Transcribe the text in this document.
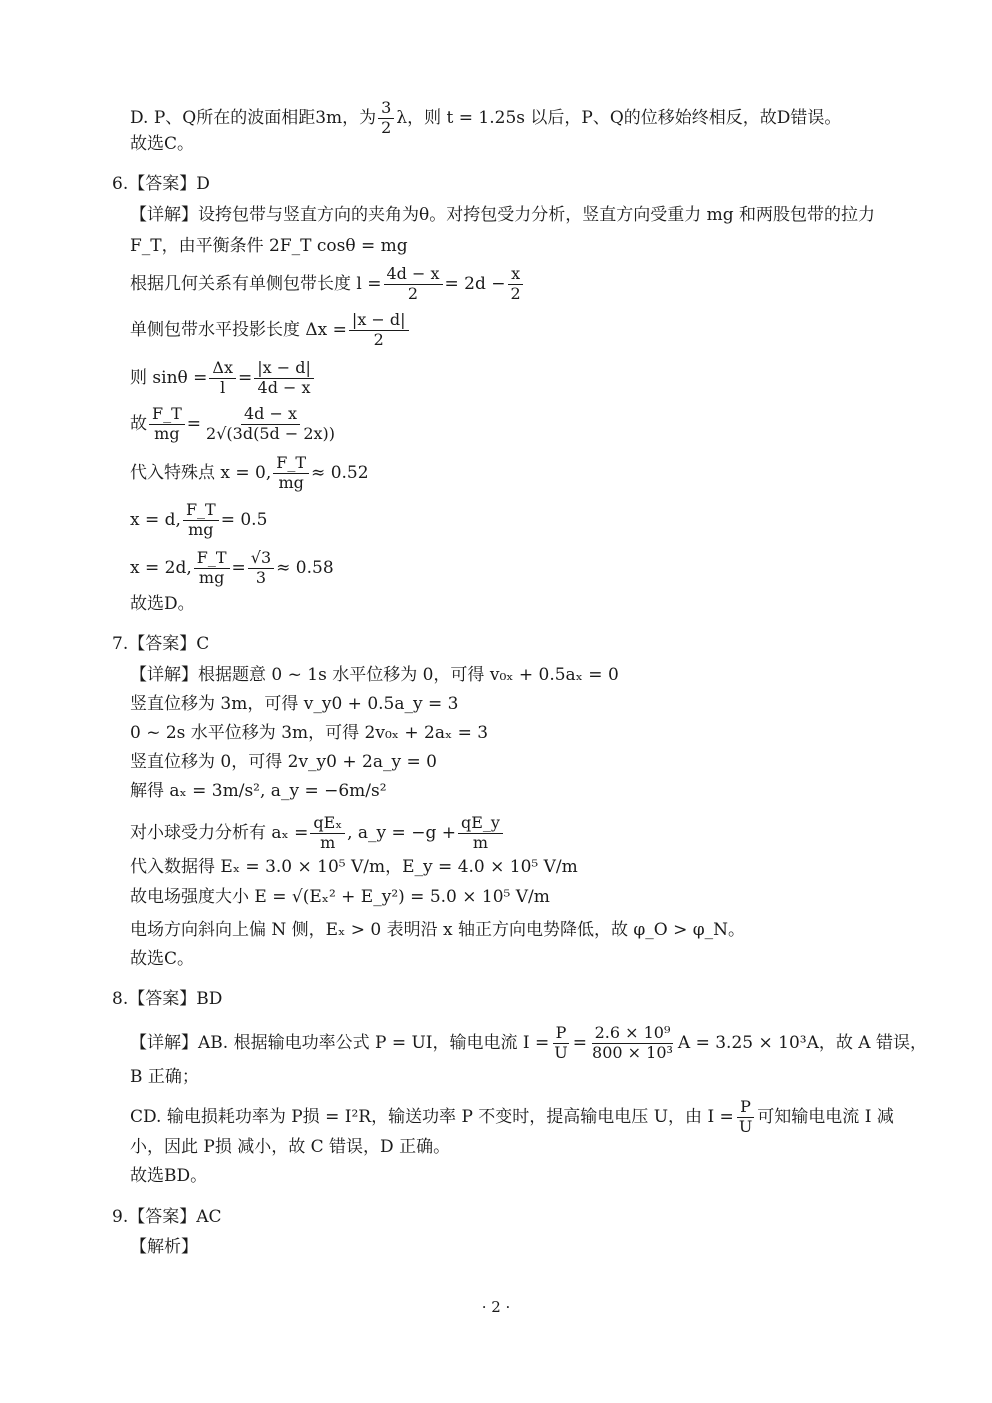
D. P、Q所在的波面相距3m，为 $\frac{3}{2}$ λ，则 t = 1.25s 以后，P、Q的位移始终相反，故D错误。
故选C。
6.【答案】D
【详解】设挎包带与竖直方向的夹角为θ。对挎包受力分析，竖直方向受重力 mg 和两股包带的拉力
F_T，由平衡条件 2F_T cosθ = mg
根据几何关系有单侧包带长度 $l = \frac{4d - x}{2} = 2d - \frac{x}{2}$
单侧包带水平投影长度 $\Delta x = \frac{|x - d|}{2}$
则 $\sin\theta = \frac{\Delta x}{l} = \frac{|x - d|}{4d - x}$
故 $\frac{F\_T}{mg} = \frac{4d - x}{2√(3d(5d - 2x))}$
代入特殊点 x = 0, $\frac{F\_T}{mg} \approx 0.52$
x = d, $\frac{F\_T}{mg} = 0.5$
x = 2d, $\frac{F\_T}{mg} = \frac{√3}{3} \approx 0.58$
故选D。
7.【答案】C
【详解】根据题意 0 ~ 1s 水平位移为 0，可得 v₀ₓ + 0.5aₓ = 0
竖直位移为 3m，可得 v_y0 + 0.5a_y = 3
0 ~ 2s 水平位移为 3m，可得 2v₀ₓ + 2aₓ = 3
竖直位移为 0，可得 2v_y0 + 2a_y = 0
解得 aₓ = 3m/s², a_y = −6m/s²
对小球受力分析有 $a_x = \frac{\text{qEₓ}}{m}$ , a_y = $-g + \frac{qE\_y}{m}$
代入数据得 Eₓ = 3.0 × 10⁵ V/m，E_y = 4.0 × 10⁵ V/m
故电场强度大小 E = √(Eₓ² + E_y²) = 5.0 × 10⁵ V/m
电场方向斜向上偏 N 侧，Eₓ > 0 表明沿 x 轴正方向电势降低，故 φ_O > φ_N。
故选C。
8.【答案】BD
【详解】AB. 根据输电功率公式 P = UI，输电电流 $I = \frac{P}{U} = \frac{\text{2.6 × 10⁹}}{\text{800 × 10³}}$ A = 3.25 × 10³A，故 A 错误，
B 正确；
CD. 输电损耗功率为 P损 = I²R，输送功率 P 不变时，提高输电电压 U，由 $I = \frac{P}{U}$ 可知输电电流 I 减
小，因此 P损 减小，故 C 错误，D 正确。
故选BD。
9.【答案】AC
【解析】
· 2 ·
